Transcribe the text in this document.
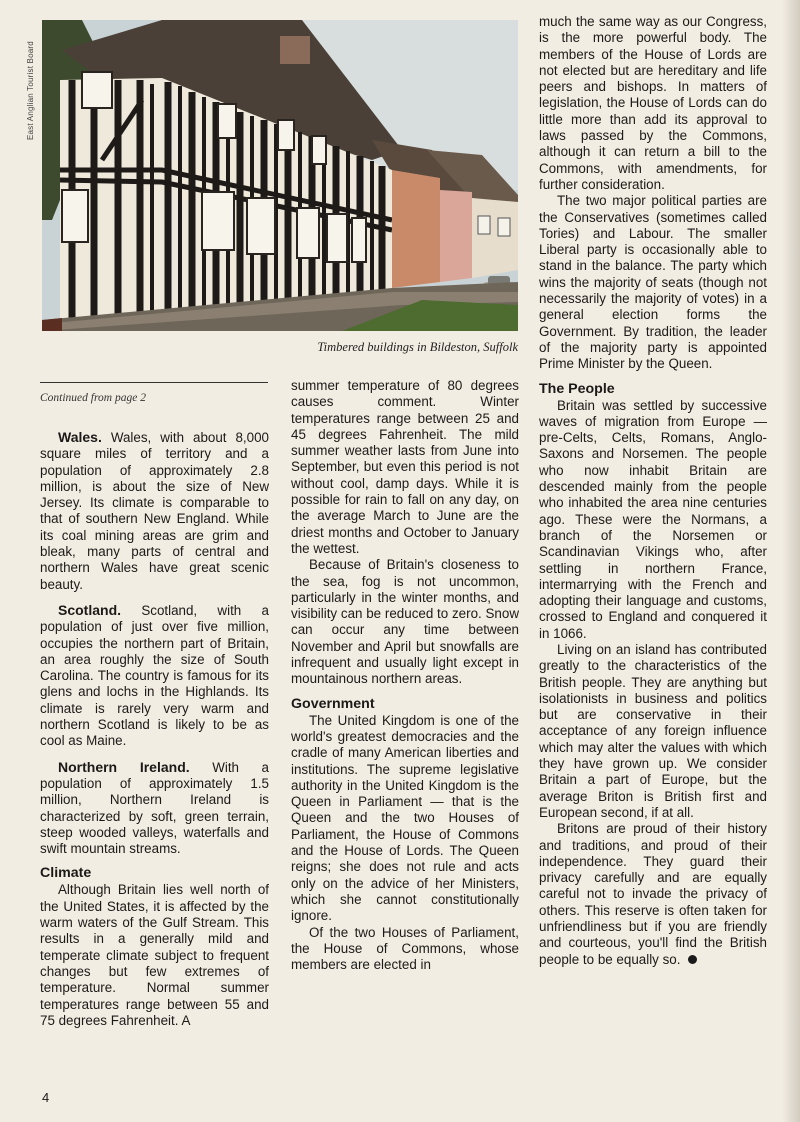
East Anglian Tourist Board
Timbered buildings in Bildeston, Suffolk
Continued from page 2

Wales. Wales, with about 8,000 square miles of territory and a population of approximately 2.8 million, is about the size of New Jersey. Its climate is comparable to that of southern New England. While its coal mining areas are grim and bleak, many parts of central and northern Wales have great scenic beauty.

Scotland. Scotland, with a population of just over five million, occupies the northern part of Britain, an area roughly the size of South Carolina. The country is famous for its glens and lochs in the Highlands. Its climate is rarely very warm and northern Scotland is likely to be as cool as Maine.

Northern Ireland. With a population of approximately 1.5 million, Northern Ireland is characterized by soft, green terrain, steep wooded valleys, waterfalls and swift mountain streams.

Climate

Although Britain lies well north of the United States, it is affected by the warm waters of the Gulf Stream. This results in a generally mild and temperate climate subject to frequent changes but few extremes of temperature. Normal summer temperatures range between 55 and 75 degrees Fahrenheit. A

summer temperature of 80 degrees causes comment. Winter temperatures range between 25 and 45 degrees Fahrenheit. The mild summer weather lasts from June into September, but even this period is not without cool, damp days. While it is possible for rain to fall on any day, on the average March to June are the driest months and October to January the wettest.

Because of Britain's closeness to the sea, fog is not uncommon, particularly in the winter months, and visibility can be reduced to zero. Snow can occur any time between November and April but snowfalls are infrequent and usually light except in mountainous northern areas.

Government

The United Kingdom is one of the world's greatest democracies and the cradle of many American liberties and institutions. The supreme legislative authority in the United Kingdom is the Queen in Parliament — that is the Queen and the two Houses of Parliament, the House of Commons and the House of Lords. The Queen reigns; she does not rule and acts only on the advice of her Ministers, which she cannot constitutionally ignore.

Of the two Houses of Parliament, the House of Commons, whose members are elected in

much the same way as our Congress, is the more powerful body. The members of the House of Lords are not elected but are hereditary and life peers and bishops. In matters of legislation, the House of Lords can do little more than add its approval to laws passed by the Commons, although it can return a bill to the Commons, with amendments, for further consideration.

The two major political parties are the Conservatives (sometimes called Tories) and Labour. The smaller Liberal party is occasionally able to stand in the balance. The party which wins the majority of seats (though not necessarily the majority of votes) in a general election forms the Government. By tradition, the leader of the majority party is appointed Prime Minister by the Queen.

The People

Britain was settled by successive waves of migration from Europe — pre-Celts, Celts, Romans, Anglo-Saxons and Norsemen. The people who now inhabit Britain are descended mainly from the people who inhabited the area nine centuries ago. These were the Normans, a branch of the Norsemen or Scandinavian Vikings who, after settling in northern France, intermarrying with the French and adopting their language and customs, crossed to England and conquered it in 1066.

Living on an island has contributed greatly to the characteristics of the British people. They are anything but isolationists in business and politics but are conservative in their acceptance of any foreign influence which may alter the values with which they have grown up. We consider Britain a part of Europe, but the average Briton is British first and European second, if at all.

Britons are proud of their history and traditions, and proud of their independence. They guard their privacy carefully and are equally careful not to invade the privacy of others. This reserve is often taken for unfriendliness but if you are friendly and courteous, you'll find the British people to be equally so.

4
